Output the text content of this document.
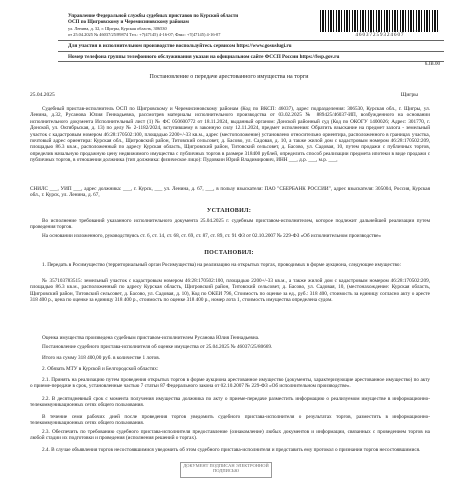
Управление Федеральной службы судебных приставов по Курской области
ОСП по Щигровскому и Черемисиновскому районам
ул. Ленина, д. 32, г. Щигры, Курская область, 306530
от 25.04.2025 № 46037/25/89874 Тел.: +7(47145) 4-16-07; Факс: +7(47145) 4-16-07	46037259324607
Для участия в исполнительном производстве воспользуйтесь сервисом https://www.gosuslugi.ru
Номер телефона группы телефонного обслуживания указан на официальном сайте ФССП России https://fssp.gov.ru
6.JB.00
Постановление о передаче арестованного имущества на торги
25.04.2025	Щигры
Судебный пристав-исполнитель ОСП по Щигровскому и Черемисиновскому районам (Код по ВКСП: 46037), адрес подразделения: 306530, Курская обл., г. Щигры, ул. Ленина, д.32, Русанова Юлия Геннадьевна, рассмотрев материалы исполнительного производства от 03.02.2025 № 889425/46037-ИП, возбужденного на основании исполнительного документа Исполнительный лист (1) № ФС 050600772 от 18.11.2024, выданный органом: Донской районный суд (Код по ОКОГУ 1400026; Адрес: 301770, г. Донской, ул. Октябрьская, д. 13) по делу № 2-1182/2024, вступившему в законную силу 12.11.2024, предмет исполнения: Обратить взыскание на предмет залога - земельный участок с кадастровым номером 46:28:170502:100, площадью 2200+/-33 кв.м., адрес (местоположение) установлено относительно ориентира, расположенного в границах участка, почтовый адрес ориентира: Курская обл., Щигровский район, Титовский сельсовет, д. Басово, ул. Садовая, д. 10, а также жилой дом с кадастровым номером 46:28:170502:209, площадью 86.3 кв.м., расположенный по адресу Курская область, Щигровский район, Титовский сельсовет, д. Басово, ул. Садовая, 10, путем продажи с публичных торгов, определив начальную продажную цену недвижимого имущества с публичных торгов в размере 318400 рублей, определить способ реализации предмета ипотеки в виде продажи с публичных торгов, в отношении должника (тип должника: физическое лицо): Пудовкин Юрий Владимирович, ИНН ___, д.р. ___, м.р. ___,
СНИЛС ___, УИП ___, адрес должника: ___, г. Курск, ___ ул. Ленина, д. 67, ___, в пользу взыскателя: ПАО "СБЕРБАНК РОССИИ", адрес взыскателя: 305004, Россия, Курская обл., г. Курск, ул. Ленина, д. 67,
УСТАНОВИЛ:
Во исполнение требований указанного исполнительного документа 25.04.2025 г. судебным приставом-исполнителем, которое подлежит дальнейшей реализации путем проведения торгов.
На основании изложенного, руководствуясь ст. 6, ст. 14, ст. 68, ст. 69, ст. 87, ст. 89, ст. 91 ФЗ от 02.10.2007 № 229-ФЗ «Об исполнительном производстве»
ПОСТАНОВИЛ:
1. Передать в Росимущество (территориальный орган Росимущества) на реализацию на открытых торгах, проводимых в форме аукциона, следующее имущество:
№ 357103783515: земельный участок с кадастровым номером 46:28:170502:100, площадью 2200+/-33 кв.м., а также жилой дом с кадастровым номером 46:28:170502:209, площадью 86.3 кв.м., расположенный по адресу Курская область, Щигровский район, Титовский сельсовет, д. Басово, ул. Садовая, 10, (местонахождение: Курская область, Щигровский район, Титовский сельсовет, д. Басово, ул. Садовая, д. 10), Код по ОКЕИ 796, Стоимость по оценке за ед., руб.: 318 400, стоимость за единицу согласно акту о аресте 318 400 р., цена по оценке за единицу 318 400 р., стоимость по оценке 318 400 р., номер лота 1, стоимость имущества определена судом.
Оценка имущества произведена судебным приставом-исполнителем Русанова Юлия Геннадьевна.
Постановление судебного пристава-исполнителя об оценке имущества от 25.04.2025 № 46037/25/80669.
Итого на сумму 318 400,00 руб. в количестве 1 лотов.
2. Обязать МТУ в Курской и Белгородской областях:
2.1. Принять на реализацию путем проведения открытых торгов в форме аукциона арестованное имущество (документы, характеризующие арестованное имущество) по акту о приеме-передаче в срок, установленные частью 7 статьи 87 Федерального закона от 02.10.2007 № 229-ФЗ «Об исполнительном производстве».
2.2. В десятидневный срок с момента получения имущества должника по акту о приеме-передаче разместить информацию о реализуемом имуществе в информационно-телекоммуникационных сетях общего пользования.
В течение семи рабочих дней после проведения торгов уведомить судебного пристава-исполнителя о результатах торгов, разместить в информационно-телекоммуникационных сетях общего пользования.
2.3. Обеспечить по требованию судебного пристава-исполнителя предоставление (ознакомление) любых документов и информации, связанных с проведением торгов на любой стадии их подготовки и проведения (исполнения решений о торгах).
2.4. В случае объявления торгов несостоявшимися уведомить об этом судебного пристава-исполнителя и представить ему протокол о признании торгов несостоявшимися.
ДОКУМЕНТ ПОДПИСАН ЭЛЕКТРОННОЙ ПОДПИСЬЮ
